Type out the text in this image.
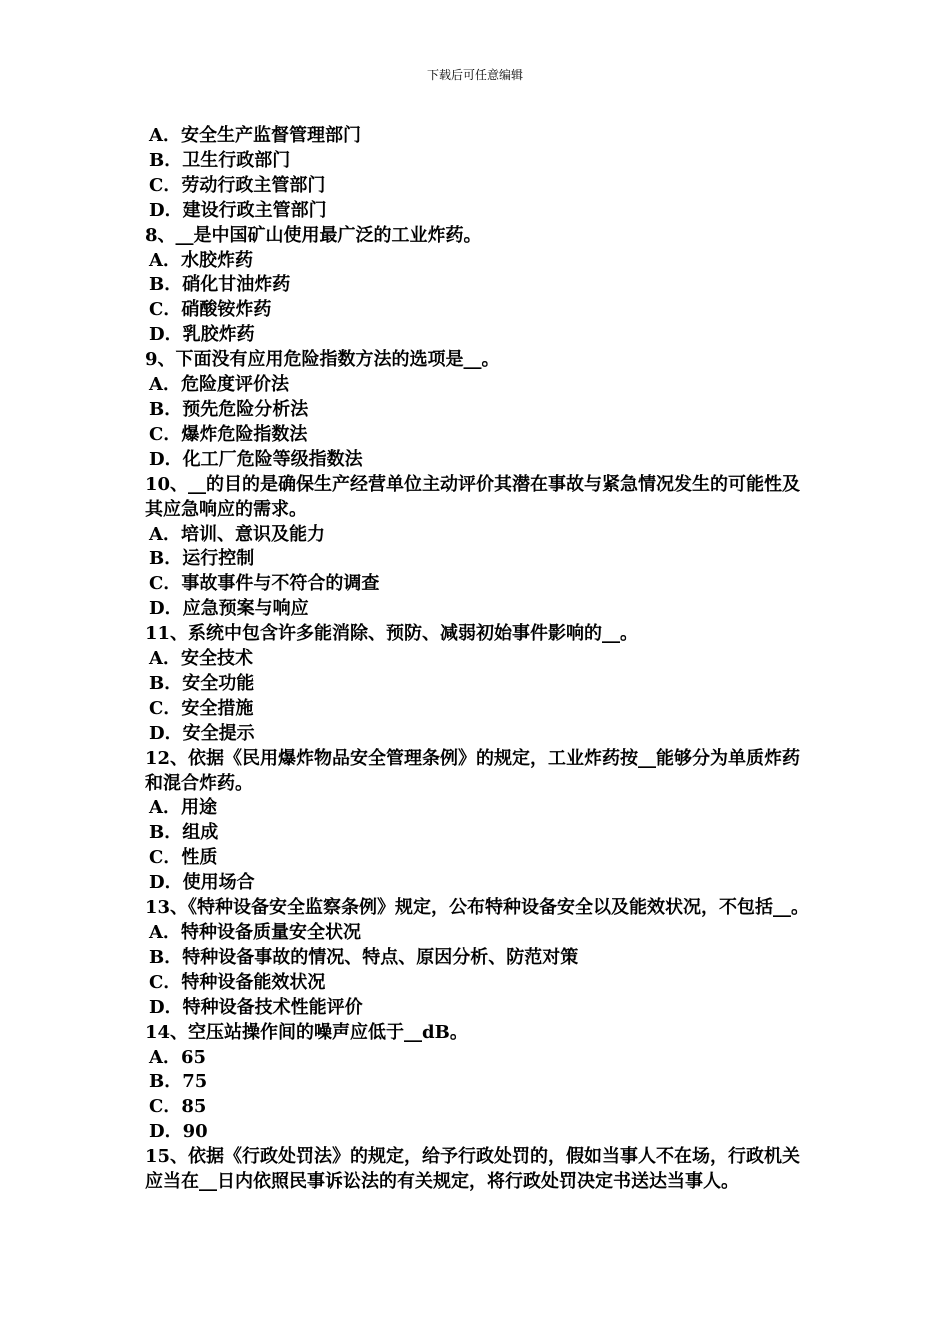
下载后可任意编辑

A．安全生产监督管理部门

B．卫生行政部门

C．劳动行政主管部门

D．建设行政主管部门

8、__是中国矿山使用最广泛的工业炸药。

A．水胶炸药

B．硝化甘油炸药

C．硝酸铵炸药

D．乳胶炸药

9、下面没有应用危险指数方法的选项是__。

A．危险度评价法

B．预先危险分析法

C．爆炸危险指数法

D．化工厂危险等级指数法

10、__的目的是确保生产经营单位主动评价其潜在事故与紧急情况发生的可能性及其应急响应的需求。

A．培训、意识及能力

B．运行控制

C．事故事件与不符合的调查

D．应急预案与响应

11、系统中包含许多能消除、预防、减弱初始事件影响的__。

A．安全技术

B．安全功能

C．安全措施

D．安全提示

12、依据《民用爆炸物品安全管理条例》的规定，工业炸药按__能够分为单质炸药和混合炸药。

A．用途

B．组成

C．性质

D．使用场合

13、《特种设备安全监察条例》规定，公布特种设备安全以及能效状况，不包括__。

A．特种设备质量安全状况

B．特种设备事故的情况、特点、原因分析、防范对策

C．特种设备能效状况

D．特种设备技术性能评价

14、空压站操作间的噪声应低于__dB。

A．65

B．75

C．85

D．90

15、依据《行政处罚法》的规定，给予行政处罚的，假如当事人不在场，行政机关应当在__日内依照民事诉讼法的有关规定，将行政处罚决定书送达当事人。
